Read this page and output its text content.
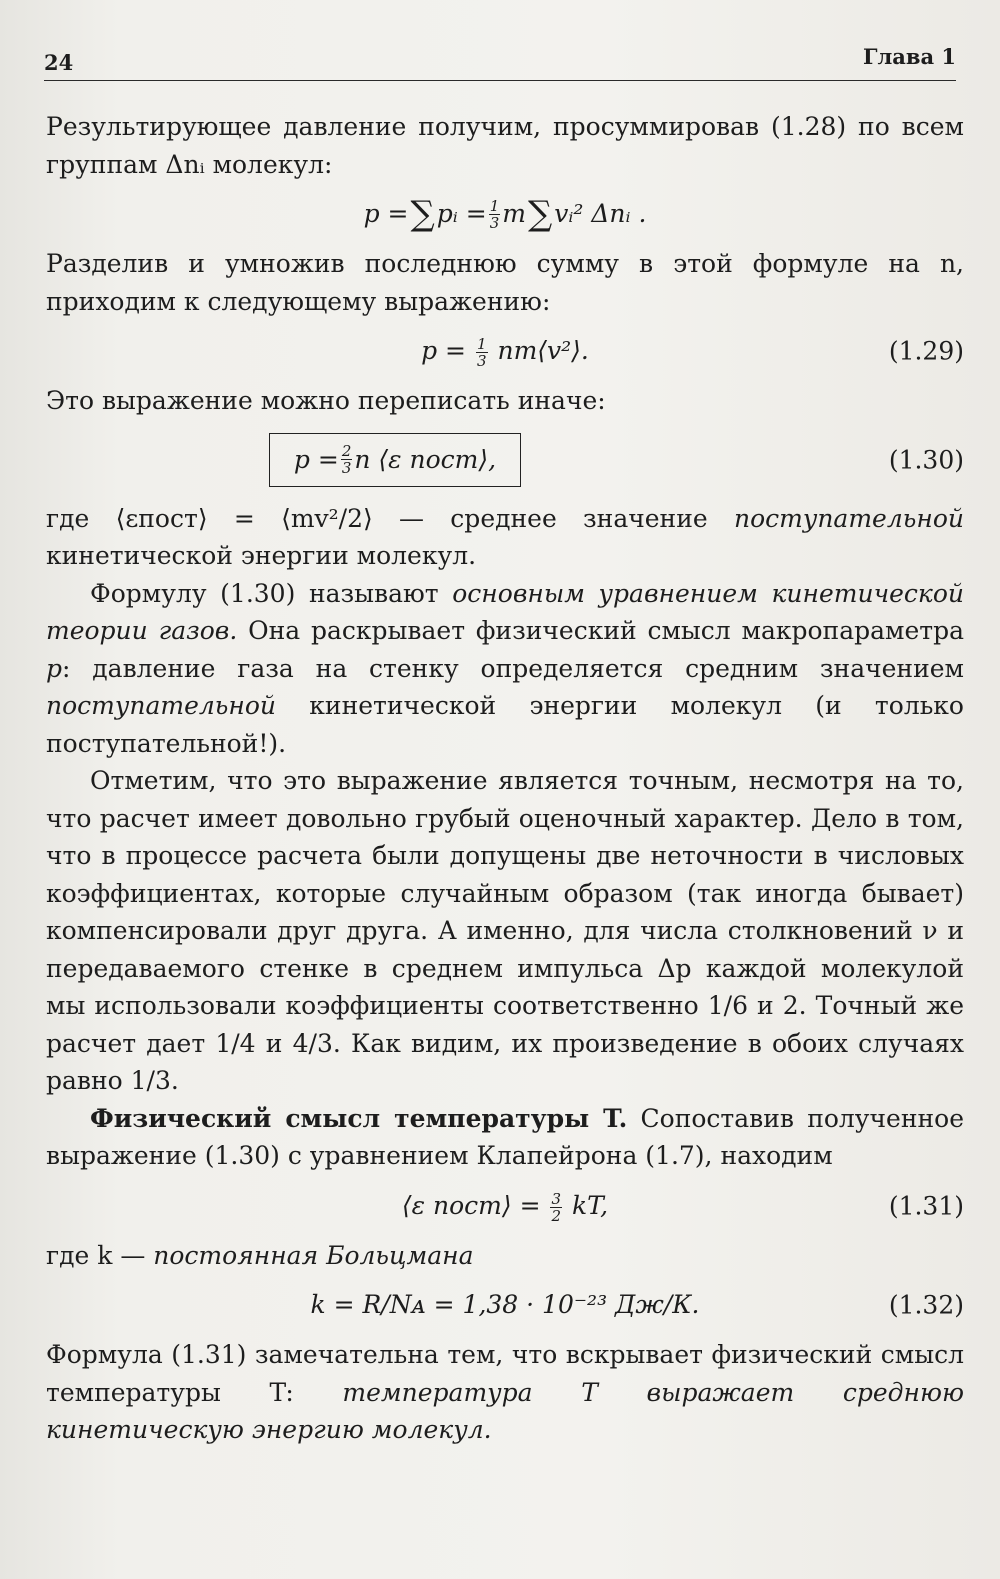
24	Глава 1

Результирующее давление получим, просуммировав (1.28) по всем группам Δnᵢ молекул:

p = ∑ pᵢ = $\frac{1}{3}$ m ∑ vᵢ² Δnᵢ .

Разделив и умножив последнюю сумму в этой формуле на n, приходим к следующему выражению:

$p = \frac{1}{3}$ nm⟨v²⟩.	(1.29)

Это выражение можно переписать иначе:

$p = \frac{2}{3}$ n ⟨ε пост⟩,	(1.30)

где ⟨εпост⟩ = ⟨mv²/2⟩ — среднее значение поступательной кинетической энергии молекул.

Формулу (1.30) называют основным уравнением кинетической теории газов. Она раскрывает физический смысл макропараметра p: давление газа на стенку определяется средним значением поступательной кинетической энергии молекул (и только поступательной!).

Отметим, что это выражение является точным, несмотря на то, что расчет имеет довольно грубый оценочный характер. Дело в том, что в процессе расчета были допущены две неточности в числовых коэффициентах, которые случайным образом (так иногда бывает) компенсировали друг друга. А именно, для числа столкновений ν и передаваемого стенке в среднем импульса Δp каждой молекулой мы использовали коэффициенты соответственно 1/6 и 2. Точный же расчет дает 1/4 и 4/3. Как видим, их произведение в обоих случаях равно 1/3.

Физический смысл температуры T. Сопоставив полученное выражение (1.30) с уравнением Клапейрона (1.7), находим

⟨ε пост⟩ = $\frac{3}{2}$ kT,	(1.31)

где k — постоянная Больцмана

k = R/Nᴀ = 1,38 · 10⁻²³ Дж/К.	(1.32)

Формула (1.31) замечательна тем, что вскрывает физический смысл температуры T: температура T выражает среднюю кинетическую энергию молекул.
